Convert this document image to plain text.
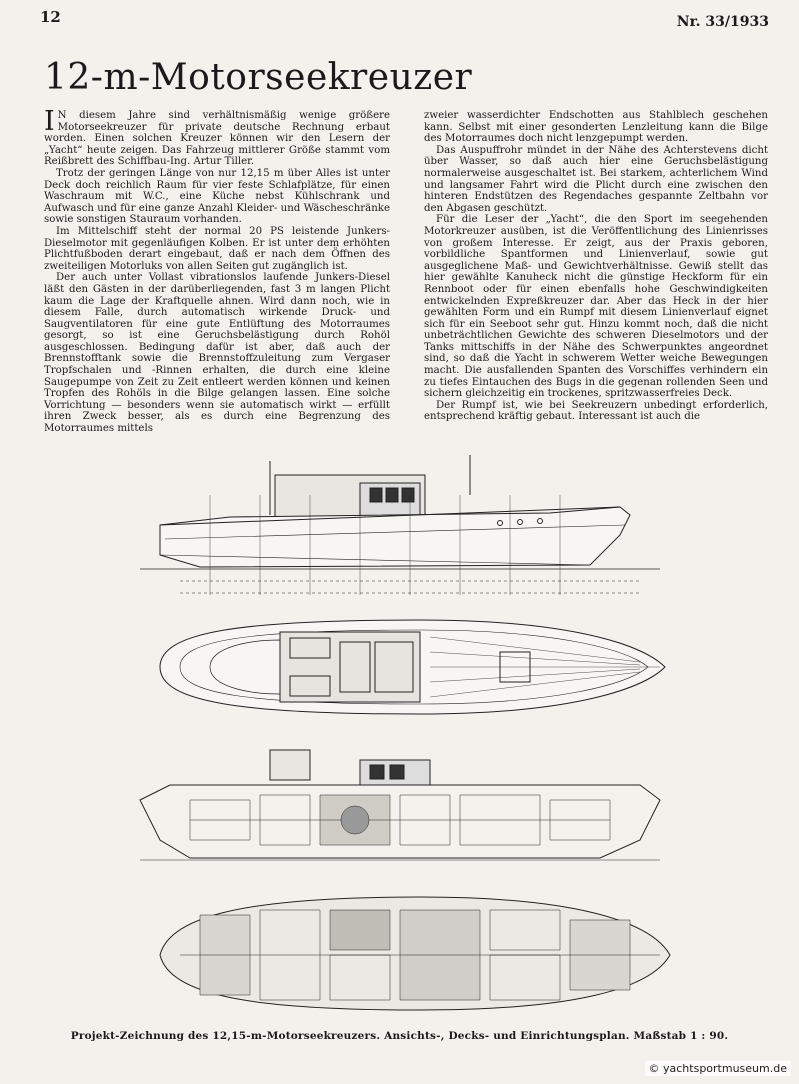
12	Nr. 33/1933
12-m-Motorseekreuzer

I N diesem Jahre sind verhältnismäßig wenige größere Motorseekreuzer für private deutsche Rechnung erbaut worden. Einen solchen Kreuzer können wir den Lesern der „Yacht“ heute zeigen. Das Fahrzeug mittlerer Größe stammt vom Reißbrett des Schiffbau-Ing. Artur Tiller.

Trotz der geringen Länge von nur 12,15 m über Alles ist unter Deck doch reichlich Raum für vier feste Schlafplätze, für einen Waschraum mit W.C., eine Küche nebst Kühlschrank und Aufwasch und für eine ganze Anzahl Kleider- und Wäscheschränke sowie sonstigen Stauraum vorhanden.

Im Mittelschiff steht der normal 20 PS leistende Junkers-Dieselmotor mit gegenläufigen Kolben. Er ist unter dem erhöhten Plichtfußboden derart eingebaut, daß er nach dem Öffnen des zweiteiligen Motorluks von allen Seiten gut zugänglich ist.

Der auch unter Vollast vibrationslos laufende Junkers-Diesel läßt den Gästen in der darüberliegenden, fast 3 m langen Plicht kaum die Lage der Kraftquelle ahnen. Wird dann noch, wie in diesem Falle, durch automatisch wirkende Druck- und Saugventilatoren für eine gute Entlüftung des Motorraumes gesorgt, so ist eine Geruchsbelästigung durch Rohöl ausgeschlossen. Bedingung dafür ist aber, daß auch der Brennstofftank sowie die Brennstoffzuleitung zum Vergaser Tropfschalen und -Rinnen erhalten, die durch eine kleine Saugepumpe von Zeit zu Zeit entleert werden können und keinen Tropfen des Rohöls in die Bilge gelangen lassen. Eine solche Vorrichtung — besonders wenn sie automatisch wirkt — erfüllt ihren Zweck besser, als es durch eine Begrenzung des Motorraumes mittels

zweier wasserdichter Endschotten aus Stahlblech geschehen kann. Selbst mit einer gesonderten Lenzleitung kann die Bilge des Motorraumes doch nicht lenzgepumpt werden.

Das Auspuffrohr mündet in der Nähe des Achterstevens dicht über Wasser, so daß auch hier eine Geruchsbelästigung normalerweise ausgeschaltet ist. Bei starkem, achterlichem Wind und langsamer Fahrt wird die Plicht durch eine zwischen den hinteren Endstützen des Regendaches gespannte Zeltbahn vor den Abgasen geschützt.

Für die Leser der „Yacht“, die den Sport im seegehenden Motorkreuzer ausüben, ist die Veröffentlichung des Linienrisses von großem Interesse. Er zeigt, aus der Praxis geboren, vorbildliche Spantformen und Linienverlauf, sowie gut ausgeglichene Maß- und Gewichtverhältnisse. Gewiß stellt das hier gewählte Kanuheck nicht die günstige Heckform für ein Rennboot oder für einen ebenfalls hohe Geschwindigkeiten entwickelnden Expreßkreuzer dar. Aber das Heck in der hier gewählten Form und ein Rumpf mit diesem Linienverlauf eignet sich für ein Seeboot sehr gut. Hinzu kommt noch, daß die nicht unbeträchtlichen Gewichte des schweren Dieselmotors und der Tanks mittschiffs in der Nähe des Schwerpunktes angeordnet sind, so daß die Yacht in schwerem Wetter weiche Bewegungen macht. Die ausfallenden Spanten des Vorschiffes verhindern ein zu tiefes Eintauchen des Bugs in die gegenan rollenden Seen und sichern gleichzeitig ein trockenes, spritzwasserfreies Deck.

Der Rumpf ist, wie bei Seekreuzern unbedingt erforderlich, entsprechend kräftig gebaut. Interessant ist auch die

Projekt-Zeichnung des 12,15-m-Motorseekreuzers. Ansichts-, Decks- und Einrichtungsplan. Maßstab 1 : 90.
© yachtsportmuseum.de
